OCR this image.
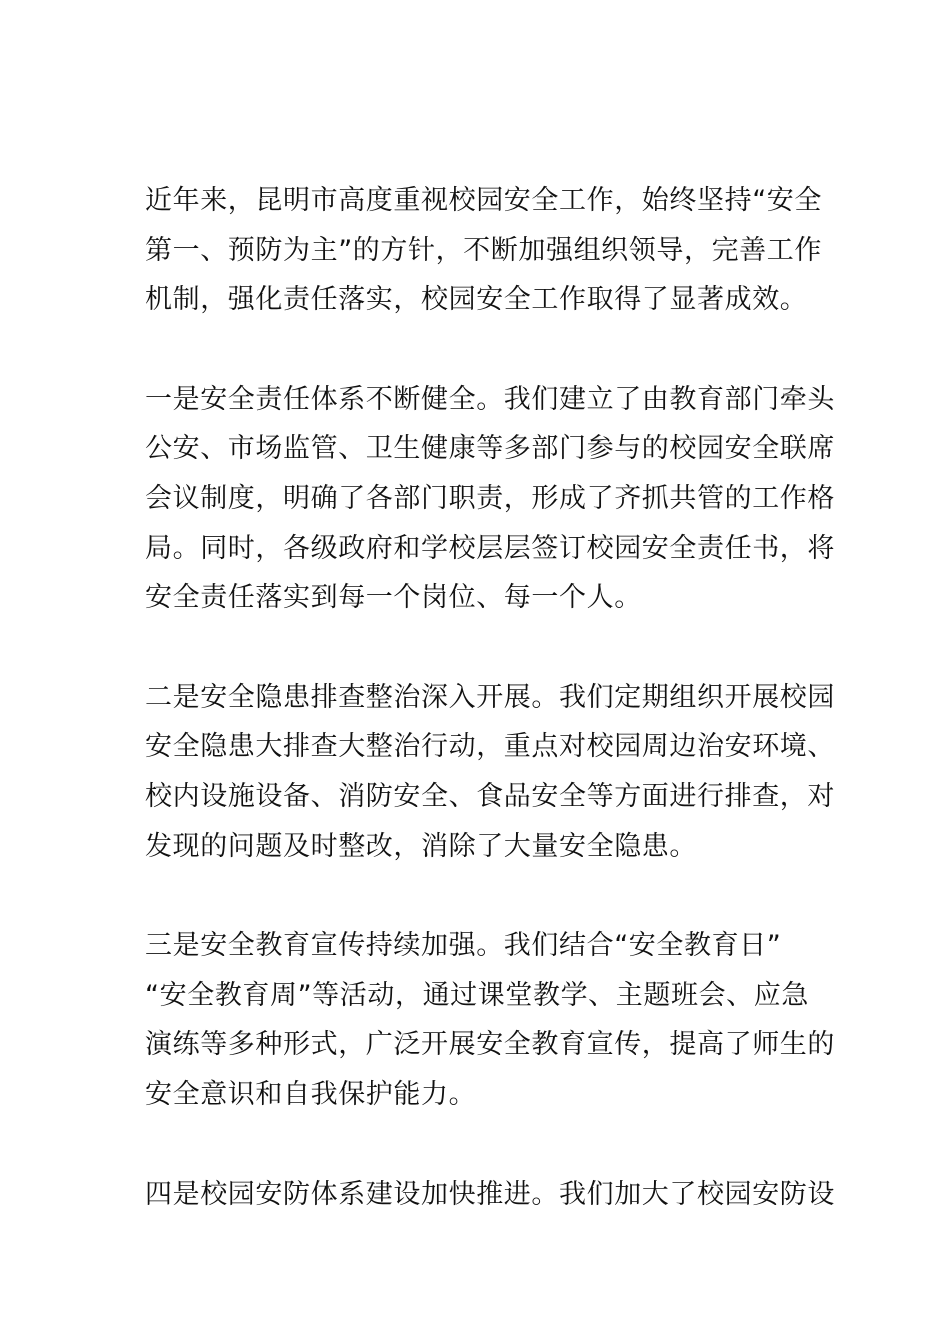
近年来，昆明市高度重视校园安全工作，始终坚持“安全
第一、预防为主”的方针，不断加强组织领导，完善工作
机制，强化责任落实，校园安全工作取得了显著成效。

一是安全责任体系不断健全。我们建立了由教育部门牵头
公安、市场监管、卫生健康等多部门参与的校园安全联席
会议制度，明确了各部门职责，形成了齐抓共管的工作格
局。同时，各级政府和学校层层签订校园安全责任书，将
安全责任落实到每一个岗位、每一个人。

二是安全隐患排查整治深入开展。我们定期组织开展校园
安全隐患大排查大整治行动，重点对校园周边治安环境、
校内设施设备、消防安全、食品安全等方面进行排查，对
发现的问题及时整改，消除了大量安全隐患。

三是安全教育宣传持续加强。我们结合“安全教育日”
“安全教育周”等活动，通过课堂教学、主题班会、应急
演练等多种形式，广泛开展安全教育宣传，提高了师生的
安全意识和自我保护能力。

四是校园安防体系建设加快推进。我们加大了校园安防设
